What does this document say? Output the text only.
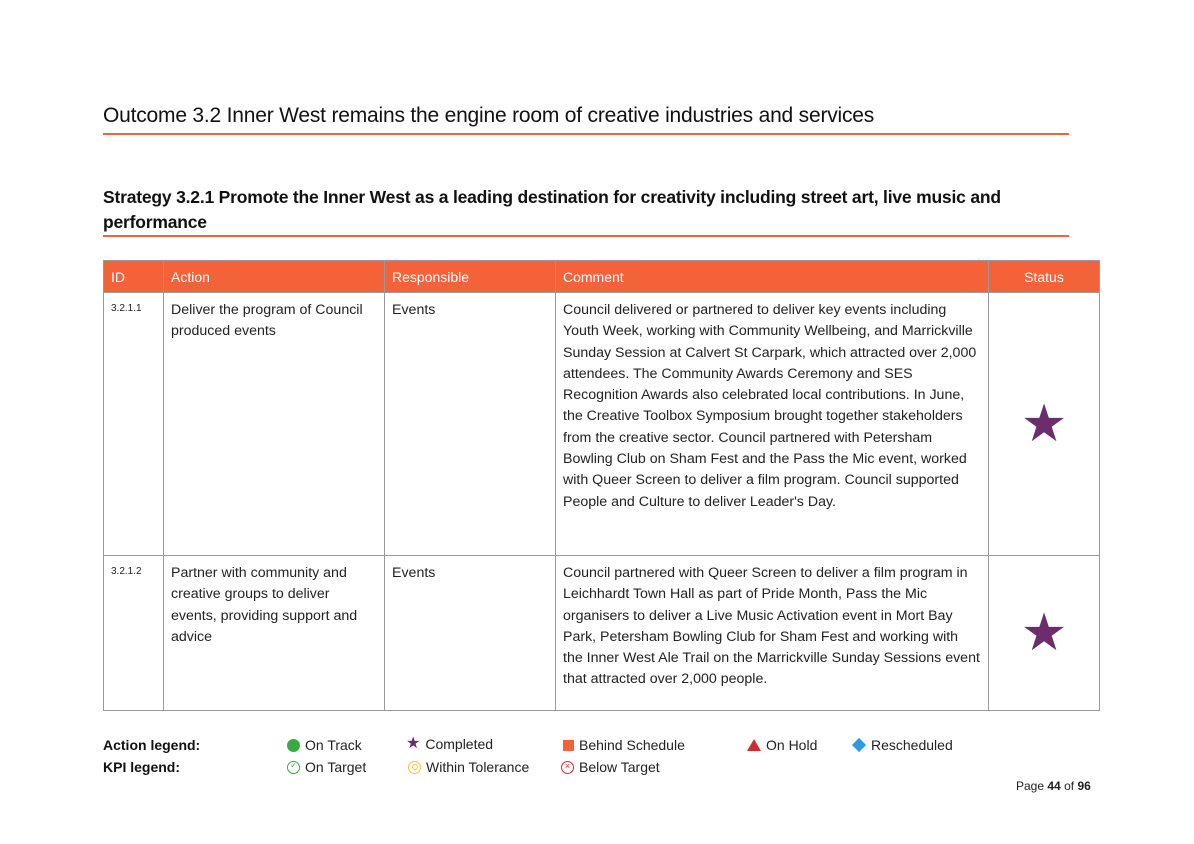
Outcome 3.2 Inner West remains the engine room of creative industries and services
Strategy 3.2.1 Promote the Inner West as a leading destination for creativity including street art, live music and performance
ID	Action	Responsible	Comment	Status
3.2.1.1	Deliver the program of Council produced events	Events	Council delivered or partnered to deliver key events including Youth Week, working with Community Wellbeing, and Marrickville Sunday Session at Calvert St Carpark, which attracted over 2,000 attendees. The Community Awards Ceremony and SES Recognition Awards also celebrated local contributions. In June, the Creative Toolbox Symposium brought together stakeholders from the creative sector. Council partnered with Petersham Bowling Club on Sham Fest and the Pass the Mic event, worked with Queer Screen to deliver a film program. Council supported People and Culture to deliver Leader's Day.	★
3.2.1.2	Partner with community and creative groups to deliver events, providing support and advice	Events	Council partnered with Queer Screen to deliver a film program in Leichhardt Town Hall as part of Pride Month, Pass the Mic organisers to deliver a Live Music Activation event in Mort Bay Park, Petersham Bowling Club for Sham Fest and working with the Inner West Ale Trail on the Marrickville Sunday Sessions event that attracted over 2,000 people.	★
Action legend:
KPI legend:
On Track	★ Completed	Behind Schedule	On Hold	Rescheduled
✓ On Target	Within Tolerance	× Below Target
Page 44 of 96
